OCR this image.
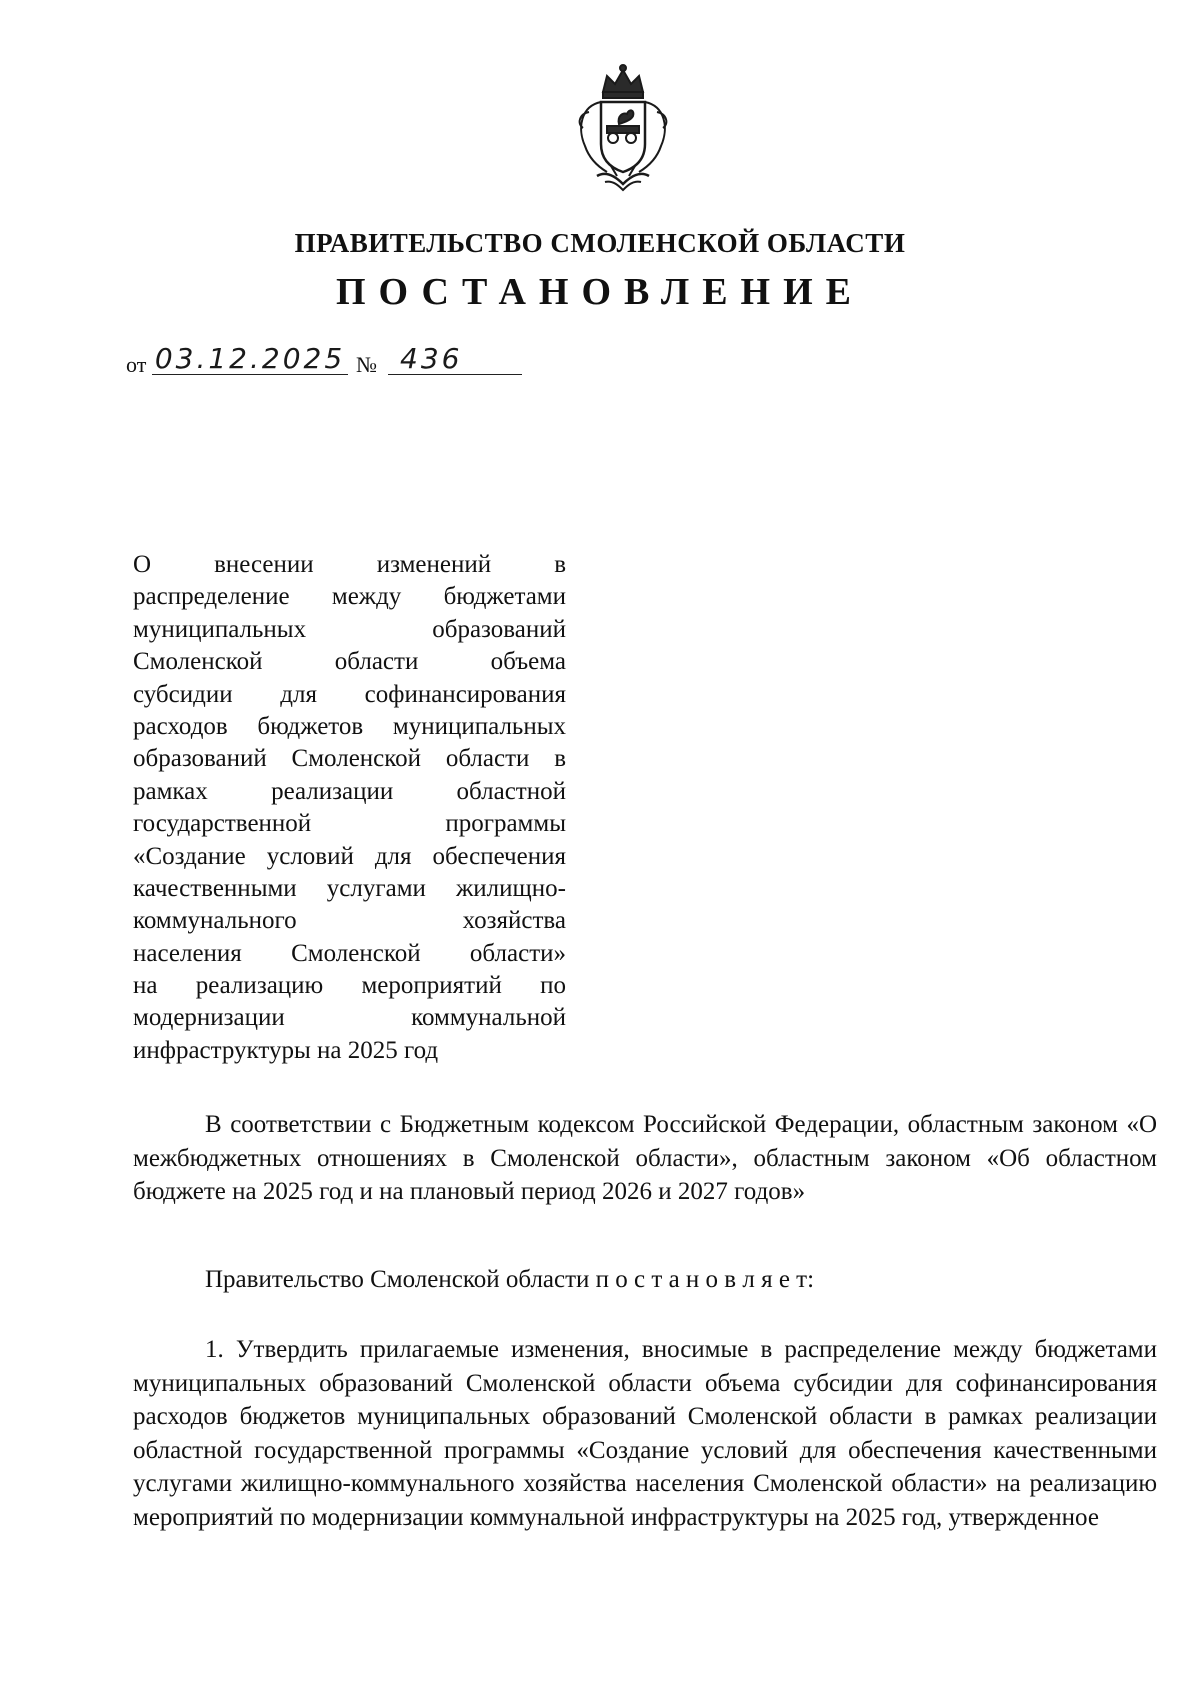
ПРАВИТЕЛЬСТВО СМОЛЕНСКОЙ ОБЛАСТИ
ПОСТАНОВЛЕНИЕ
от 03.12.2025 № 436
О внесении изменений в
распределение между бюджетами
муниципальных образований
Смоленской области объема
субсидии для софинансирования
расходов бюджетов муниципальных
образований Смоленской области в
рамках реализации областной
государственной программы
«Создание условий для обеспечения
качественными услугами жилищно-
коммунального хозяйства
населения Смоленской области»
на реализацию мероприятий по
модернизации коммунальной
инфраструктуры на 2025 год

В соответствии с Бюджетным кодексом Российской Федерации, областным законом «О межбюджетных отношениях в Смоленской области», областным законом «Об областном бюджете на 2025 год и на плановый период 2026 и 2027 годов»

Правительство Смоленской области п о с т а н о в л я е т:

1. Утвердить прилагаемые изменения, вносимые в распределение между бюджетами муниципальных образований Смоленской области объема субсидии для софинансирования расходов бюджетов муниципальных образований Смоленской области в рамках реализации областной государственной программы «Создание условий для обеспечения качественными услугами жилищно-коммунального хозяйства населения Смоленской области» на реализацию мероприятий по модернизации коммунальной инфраструктуры на 2025 год, утвержденное
